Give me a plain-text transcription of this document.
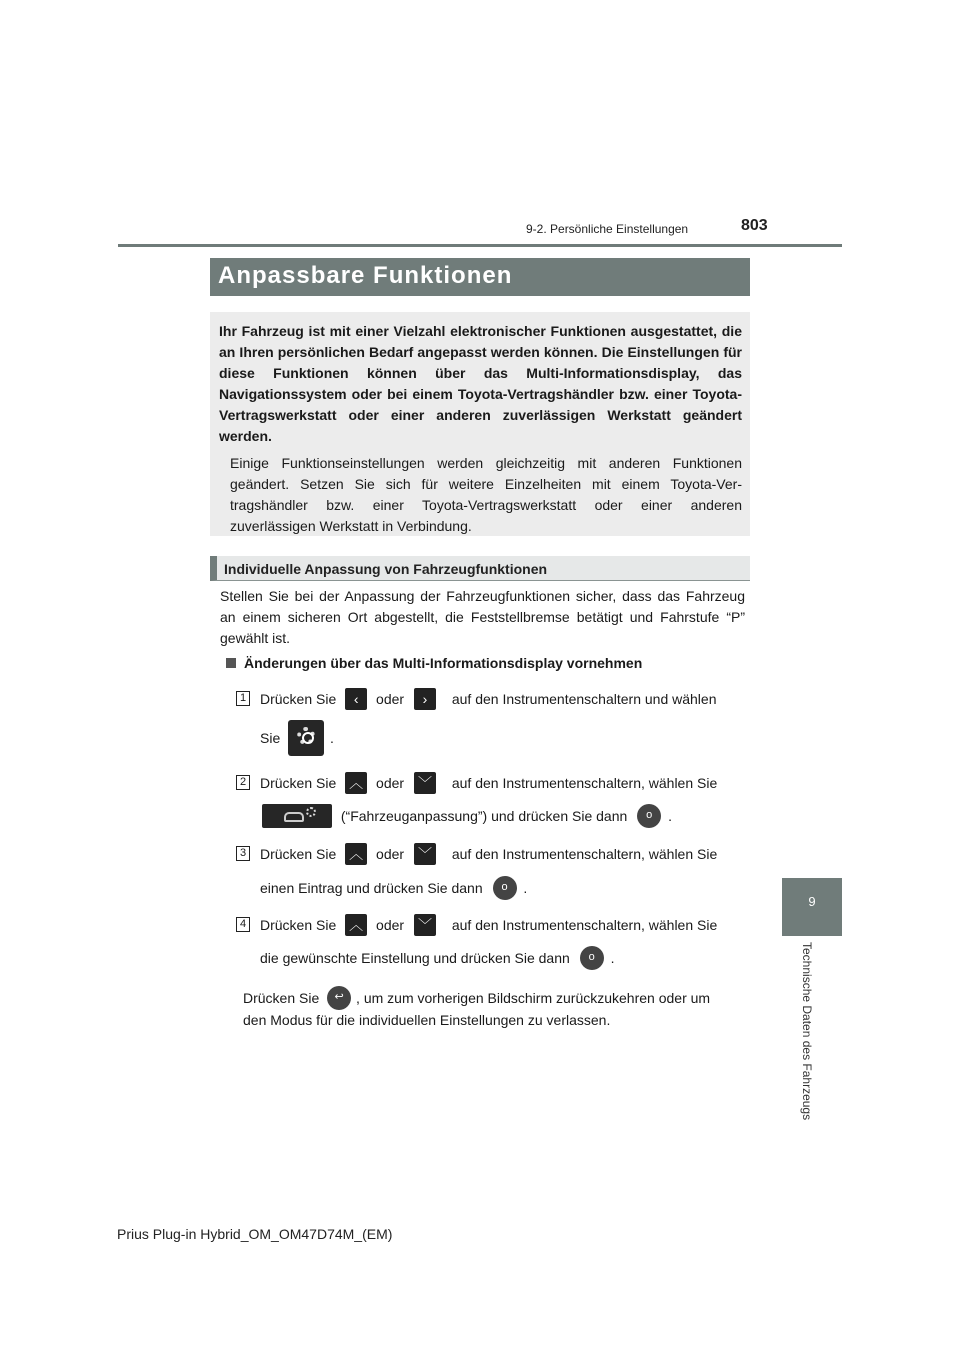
9-2. Persönliche Einstellungen	803
9
Technische Daten des Fahrzeugs
Anpassbare Funktionen

Ihr Fahrzeug ist mit einer Vielzahl elektronischer Funktionen ausgestattet, die an Ihren persönlichen Bedarf angepasst werden können. Die Einstellungen für diese Funktionen können über das Multi-Informationsdisplay, das Navigationssystem oder bei einem Toyota-Vertragshändler bzw. einer Toyota-Vertragswerkstatt oder einer anderen zuverlässigen Werkstatt geändert werden.

Einige Funktionseinstellungen werden gleichzeitig mit anderen Funktionen geändert. Setzen Sie sich für weitere Einzelheiten mit einem Toyota-Vertragshändler bzw. einer Toyota-Vertragswerkstatt oder einer anderen zuverlässigen Werkstatt in Verbindung.

Individuelle Anpassung von Fahrzeugfunktionen

Stellen Sie bei der Anpassung der Fahrzeugfunktionen sicher, dass das Fahrzeug an einem sicheren Ort abgestellt, die Feststellbremse betätigt und Fahrstufe “P” gewählt ist.

Änderungen über das Multi-Informationsdisplay vornehmen
1 Drücken Sie ‹ oder › auf den Instrumentenschaltern und wählen
Sie	.
2 Drücken Sie ︿ oder ﹀ auf den Instrumentenschaltern, wählen Sie
(“Fahrzeuganpassung”) und drücken Sie dann o .
3 Drücken Sie ︿ oder ﹀ auf den Instrumentenschaltern, wählen Sie
einen Eintrag und drücken Sie dann o .
4 Drücken Sie ︿ oder ﹀ auf den Instrumentenschaltern, wählen Sie
die gewünschte Einstellung und drücken Sie dann o .
Drücken Sie ↩ , um zum vorherigen Bildschirm zurückzukehren oder um
den Modus für die individuellen Einstellungen zu verlassen.
Prius Plug-in Hybrid_OM_OM47D74M_(EM)
